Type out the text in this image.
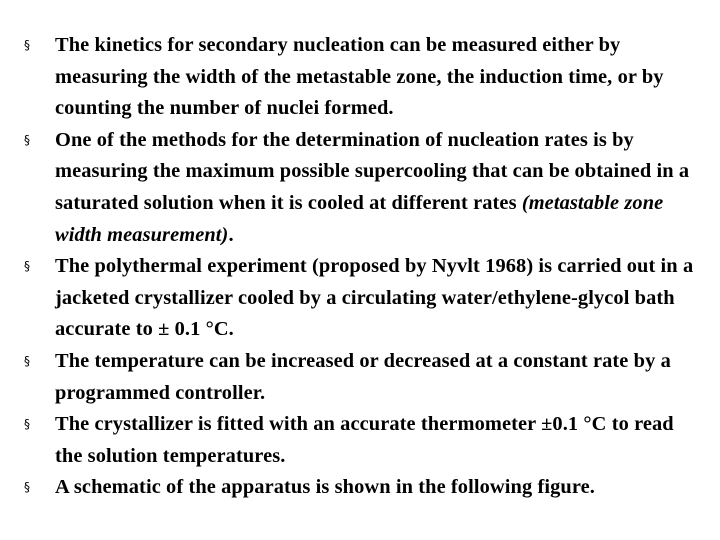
§	The kinetics for secondary nucleation can be measured either by measuring the width of the metastable zone, the induction time, or by counting the number of nuclei formed.
§	One of the methods for the determination of nucleation rates is by measuring the maximum possible supercooling that can be obtained in a saturated solution when it is cooled at different rates (metastable zone width measurement).
§	The polythermal experiment (proposed by Nyvlt 1968) is carried out in a jacketed crystallizer cooled by a circulating water/ethylene-glycol bath accurate to ± 0.1 °C.
§	The temperature can be increased or decreased at a constant rate by a programmed controller.
§	The crystallizer is fitted with an accurate thermometer ±0.1 °C to read the solution temperatures.
§	A schematic of the apparatus is shown in the following figure.
